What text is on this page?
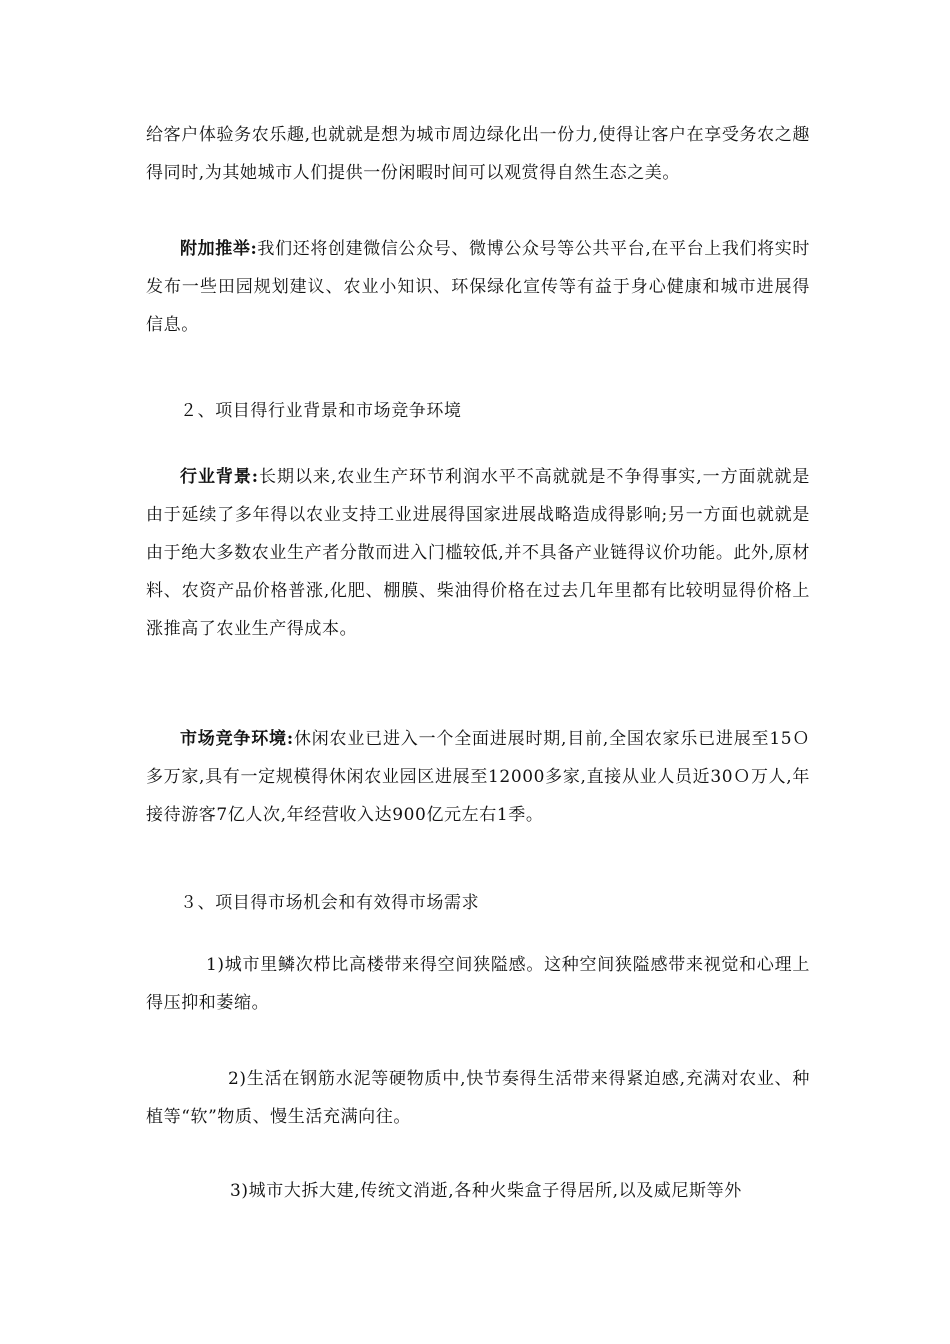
给客户体验务农乐趣,也就就是想为城市周边绿化出一份力,使得让客户在享受务农之趣得同时,为其她城市人们提供一份闲暇时间可以观赏得自然生态之美。

附加推举:我们还将创建微信公众号、微博公众号等公共平台,在平台上我们将实时发布一些田园规划建议、农业小知识、环保绿化宣传等有益于身心健康和城市进展得信息。

２、项目得行业背景和市场竞争环境

行业背景:长期以来,农业生产环节利润水平不高就就是不争得事实,一方面就就是由于延续了多年得以农业支持工业进展得国家进展战略造成得影响;另一方面也就就是由于绝大多数农业生产者分散而进入门槛较低,并不具备产业链得议价功能。此外,原材料、农资产品价格普涨,化肥、棚膜、柴油得价格在过去几年里都有比较明显得价格上涨推高了农业生产得成本。

市场竞争环境:休闲农业已进入一个全面进展时期,目前,全国农家乐已进展至15Ｏ多万家,具有一定规模得休闲农业园区进展至12000多家,直接从业人员近30Ｏ万人,年接待游客7亿人次,年经营收入达900亿元左右1季。

３、项目得市场机会和有效得市场需求

1)城市里鳞次栉比高楼带来得空间狭隘感。这种空间狭隘感带来视觉和心理上得压抑和萎缩。

2)生活在钢筋水泥等硬物质中,快节奏得生活带来得紧迫感,充满对农业、种植等“软”物质、慢生活充满向往。

3)城市大拆大建,传统文消逝,各种火柴盒子得居所,以及威尼斯等外
